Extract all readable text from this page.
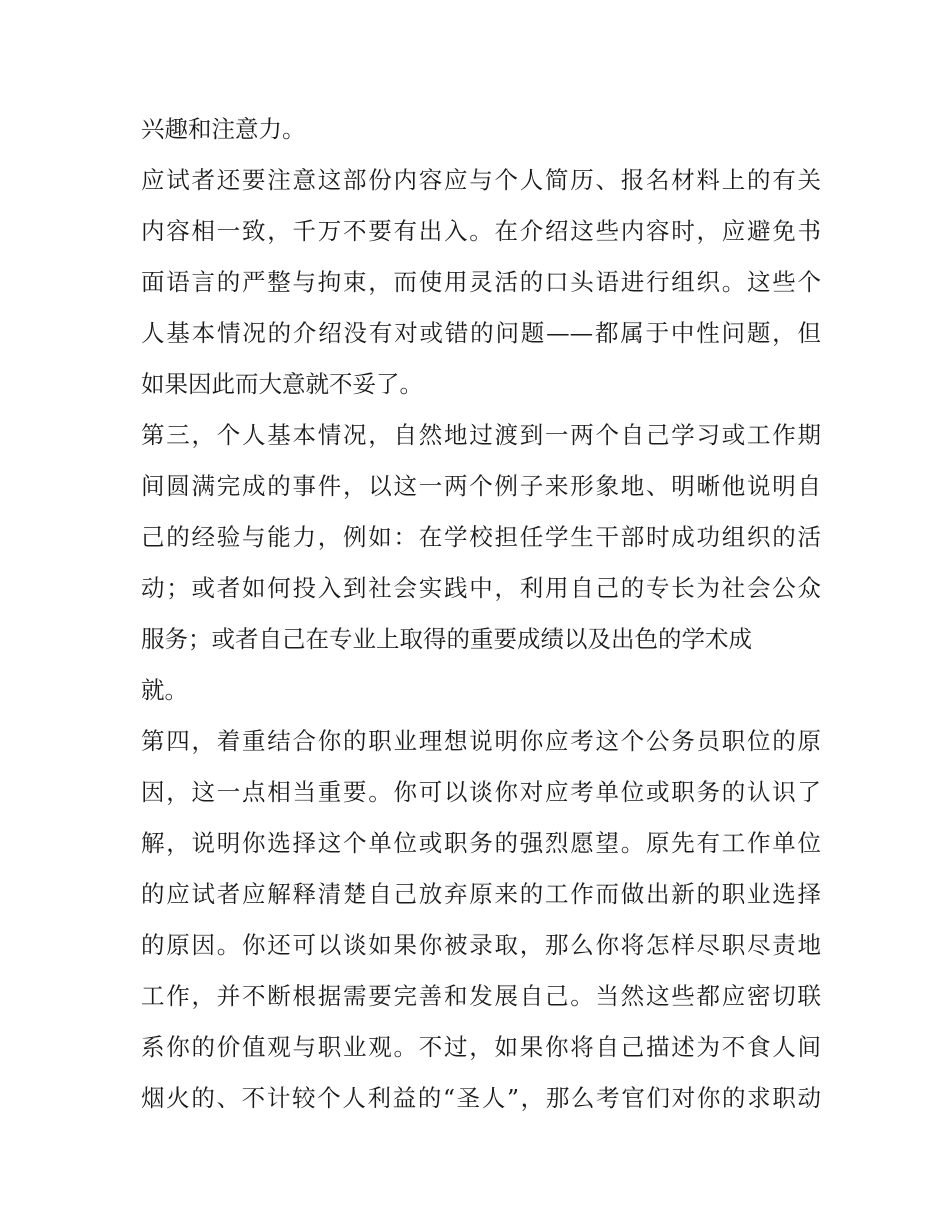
兴趣和注意力。
应试者还要注意这部份内容应与个人简历、报名材料上的有关
内容相一致，千万不要有出入。在介绍这些内容时，应避免书
面语言的严整与拘束，而使用灵活的口头语进行组织。这些个
人基本情况的介绍没有对或错的问题——都属于中性问题，但
如果因此而大意就不妥了。
第三，个人基本情况，自然地过渡到一两个自己学习或工作期
间圆满完成的事件，以这一两个例子来形象地、明晰他说明自
己的经验与能力，例如：在学校担任学生干部时成功组织的活
动；或者如何投入到社会实践中，利用自己的专长为社会公众
服务；或者自己在专业上取得的重要成绩以及出色的学术成
就。
第四，着重结合你的职业理想说明你应考这个公务员职位的原
因，这一点相当重要。你可以谈你对应考单位或职务的认识了
解，说明你选择这个单位或职务的强烈愿望。原先有工作单位
的应试者应解释清楚自己放弃原来的工作而做出新的职业选择
的原因。你还可以谈如果你被录取，那么你将怎样尽职尽责地
工作，并不断根据需要完善和发展自己。当然这些都应密切联
系你的价值观与职业观。不过，如果你将自己描述为不食人间
烟火的、不计较个人利益的“圣人”，那么考官们对你的求职动
